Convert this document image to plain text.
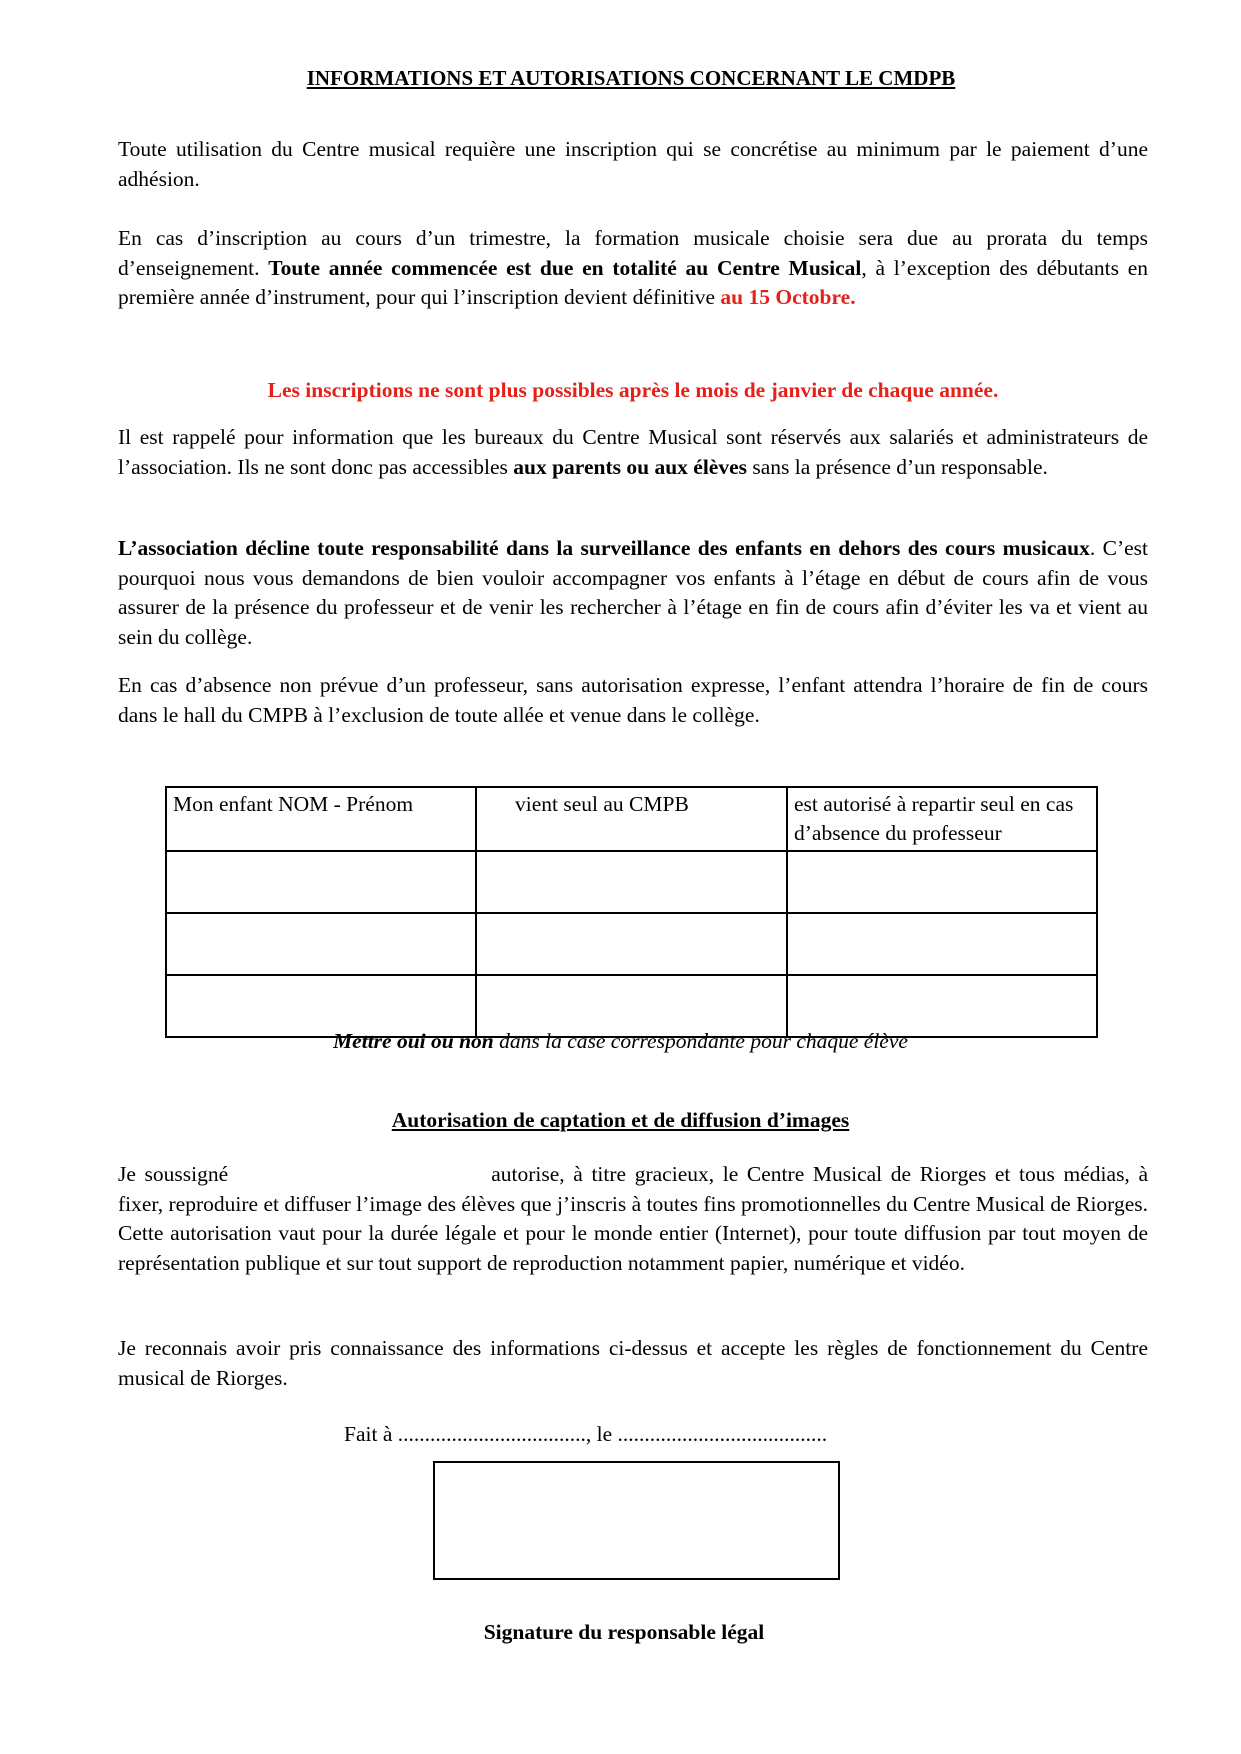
INFORMATIONS ET AUTORISATIONS CONCERNANT LE CMDPB

Toute utilisation du Centre musical requière une inscription qui se concrétise au minimum par le paiement d’une adhésion.

En cas d’inscription au cours d’un trimestre, la formation musicale choisie sera due au prorata du temps d’enseignement. Toute année commencée est due en totalité au Centre Musical, à l’exception des débutants en première année d’instrument, pour qui l’inscription devient définitive au 15 Octobre.

Les inscriptions ne sont plus possibles après le mois de janvier de chaque année.

Il est rappelé pour information que les bureaux du Centre Musical sont réservés aux salariés et administrateurs de l’association. Ils ne sont donc pas accessibles aux parents ou aux élèves sans la présence d’un responsable.

L’association décline toute responsabilité dans la surveillance des enfants en dehors des cours musicaux. C’est pourquoi nous vous demandons de bien vouloir accompagner vos enfants à l’étage en début de cours afin de vous assurer de la présence du professeur et de venir les rechercher à l’étage en fin de cours afin d’éviter les va et vient au sein du collège.

En cas d’absence non prévue d’un professeur, sans autorisation expresse, l’enfant attendra l’horaire de fin de cours dans le hall du CMPB à l’exclusion de toute allée et venue dans le collège.

Mon enfant NOM - Prénom	vient seul au CMPB	est autorisé à repartir seul en cas d’absence du professeur

Mettre oui ou non dans la case correspondante pour chaque élève
Autorisation de captation et de diffusion d’images

Je soussigné	autorise, à titre gracieux, le Centre Musical de Riorges et tous médias, à fixer, reproduire et diffuser l’image des élèves que j’inscris à toutes fins promotionnelles du Centre Musical de Riorges. Cette autorisation vaut pour la durée légale et pour le monde entier (Internet), pour toute diffusion par tout moyen de représentation publique et sur tout support de reproduction notamment papier, numérique et vidéo.

Je reconnais avoir pris connaissance des informations ci-dessus et accepte les règles de fonctionnement du Centre musical de Riorges.

Fait à ..................................., le .......................................
Signature du responsable légal
